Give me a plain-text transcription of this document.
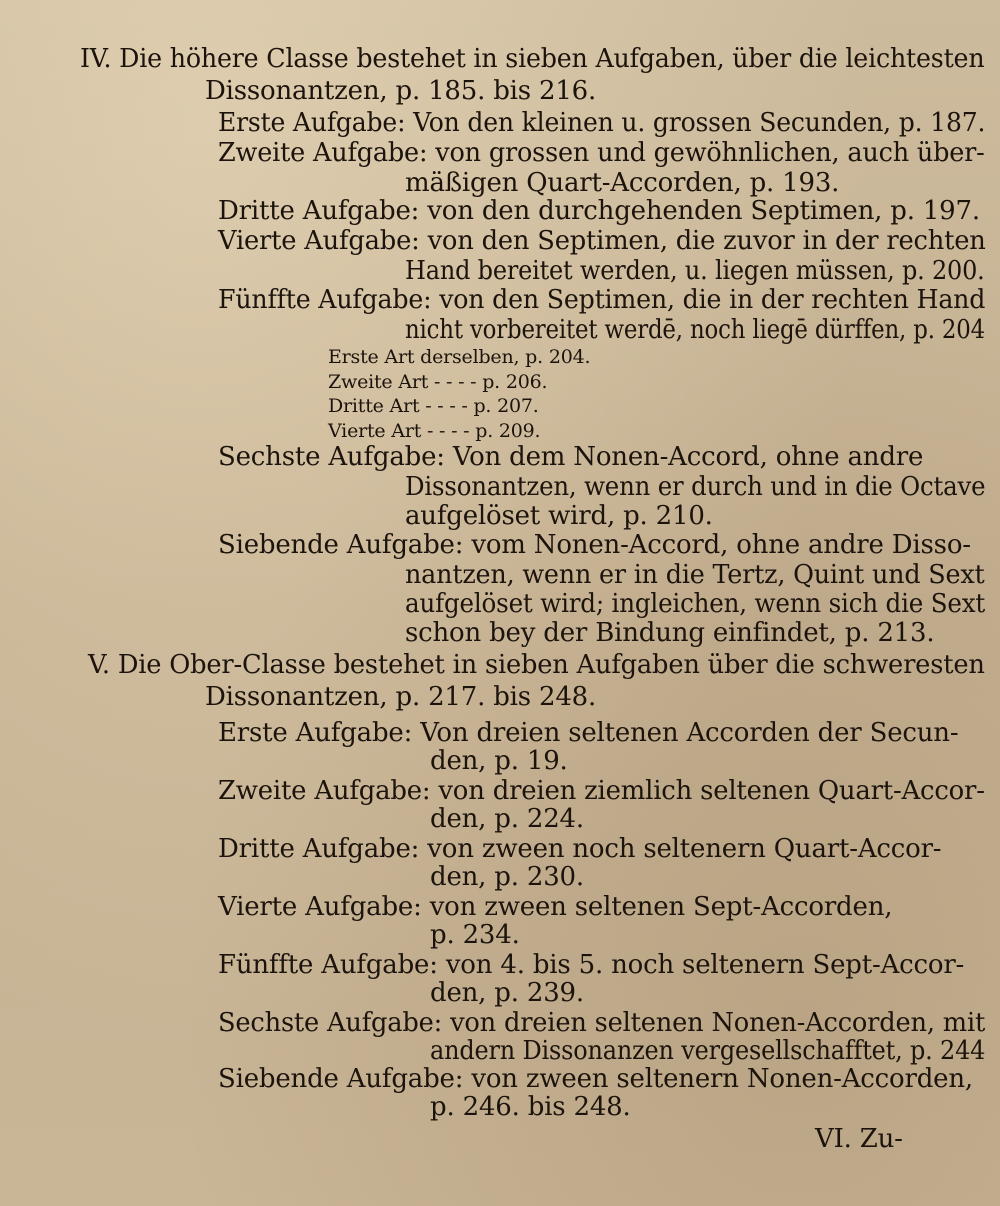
IV. Die höhere Classe bestehet in sieben Aufgaben, über die leichtesten

Dissonantzen, p. 185. bis 216.

Erste Aufgabe: Von den kleinen u. grossen Secunden, p. 187.

Zweite Aufgabe: von grossen und gewöhnlichen, auch über-

mäßigen Quart-Accorden, p. 193.

Dritte Aufgabe: von den durchgehenden Septimen, p. 197.

Vierte Aufgabe: von den Septimen, die zuvor in der rechten

Hand bereitet werden, u. liegen müssen, p. 200.

Fünffte Aufgabe: von den Septimen, die in der rechten Hand

nicht vorbereitet werdē, noch liegē dürffen, p. 204

Erste Art derselben, p. 204.

Zweite Art - - - - p. 206.

Dritte Art - - - - p. 207.

Vierte Art - - - - p. 209.

Sechste Aufgabe: Von dem Nonen-Accord, ohne andre

Dissonantzen, wenn er durch und in die Octave

aufgelöset wird, p. 210.

Siebende Aufgabe: vom Nonen-Accord, ohne andre Disso-

nantzen, wenn er in die Tertz, Quint und Sext

aufgelöset wird; ingleichen, wenn sich die Sext

schon bey der Bindung einfindet, p. 213.

V. Die Ober-Classe bestehet in sieben Aufgaben über die schweresten

Dissonantzen, p. 217. bis 248.

Erste Aufgabe: Von dreien seltenen Accorden der Secun-

den, p. 19.

Zweite Aufgabe: von dreien ziemlich seltenen Quart-Accor-

den, p. 224.

Dritte Aufgabe: von zween noch seltenern Quart-Accor-

den, p. 230.

Vierte Aufgabe: von zween seltenen Sept-Accorden,

p. 234.

Fünffte Aufgabe: von 4. bis 5. noch seltenern Sept-Accor-

den, p. 239.

Sechste Aufgabe: von dreien seltenen Nonen-Accorden, mit

andern Dissonanzen vergesellschafftet, p. 244

Siebende Aufgabe: von zween seltenern Nonen-Accorden,

p. 246. bis 248.

VI. Zu-
